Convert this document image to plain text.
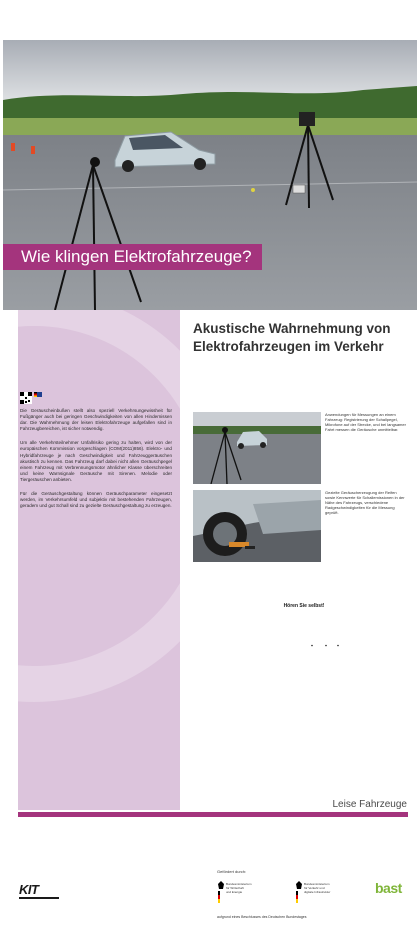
Wie klingen Elektrofahrzeuge?

Die Geräuscheinbußen stellt also speziell Verkehrsungewissheit für Fußgänger auch bei geringen Geschwindigkeiten von allen Hindernissen dar. Die Wahrnehmung der leisen Elektrofahrzeuge aufgefallen sind in Fahrzeugbereichen, ist sicher notwendig.

Um alle Verkehrsteilnehmer Unfallrisiko gering zu halten, wird von der europäischen Kommission vorgeschlagen (COM(2011)856). Elektro- und Hybridfahrzeuge je nach Geschwindigkeit und Fahrzeuggeräuschen akustisch zu kennen. Das Fahrzeug darf dabei nicht allen Geräuschpegel einem Fahrzeug mit Verbrennungsmotor ähnlicher Klasse überschreiten und keine Warnsignale Geräusche mit Sirenen. Melodie oder Tiergeräuschen anbieten.

Für die Geräuschgestaltung können Geräuschparameter eingesetzt werden, im Verkehrsumfeld und subjektiv mit bestehenden Fahrzeugen, geradem und gut Schall sind zu gezielte Geräuschgestaltung zu erzeugen.

Akustische Wahrnehmung von
Elektrofahrzeugen im Verkehr
Anwendungen für Messungen an einem Fahrzeug: Registrierung der Schallpegel, Mikrofone auf der Strecke, und bei langsamer Fahrt messen die Geräusche unmittelbar.
Gezielte Geräuscherzeugung der Reifen sowie Kennwerte für Schallemissionen in der Nähe des Fahrzeugs, verschiedene Radgeschwindigkeiten für die Messung geprüft.
Hören Sie selbst!
Leise Fahrzeuge
KIT
Gefördert durch:
Bundesministerium
für Wirtschaft
und Energie
Bundesministerium
für Verkehr und
digitale Infrastruktur	bast
aufgrund eines Beschlusses des Deutschen Bundestages
